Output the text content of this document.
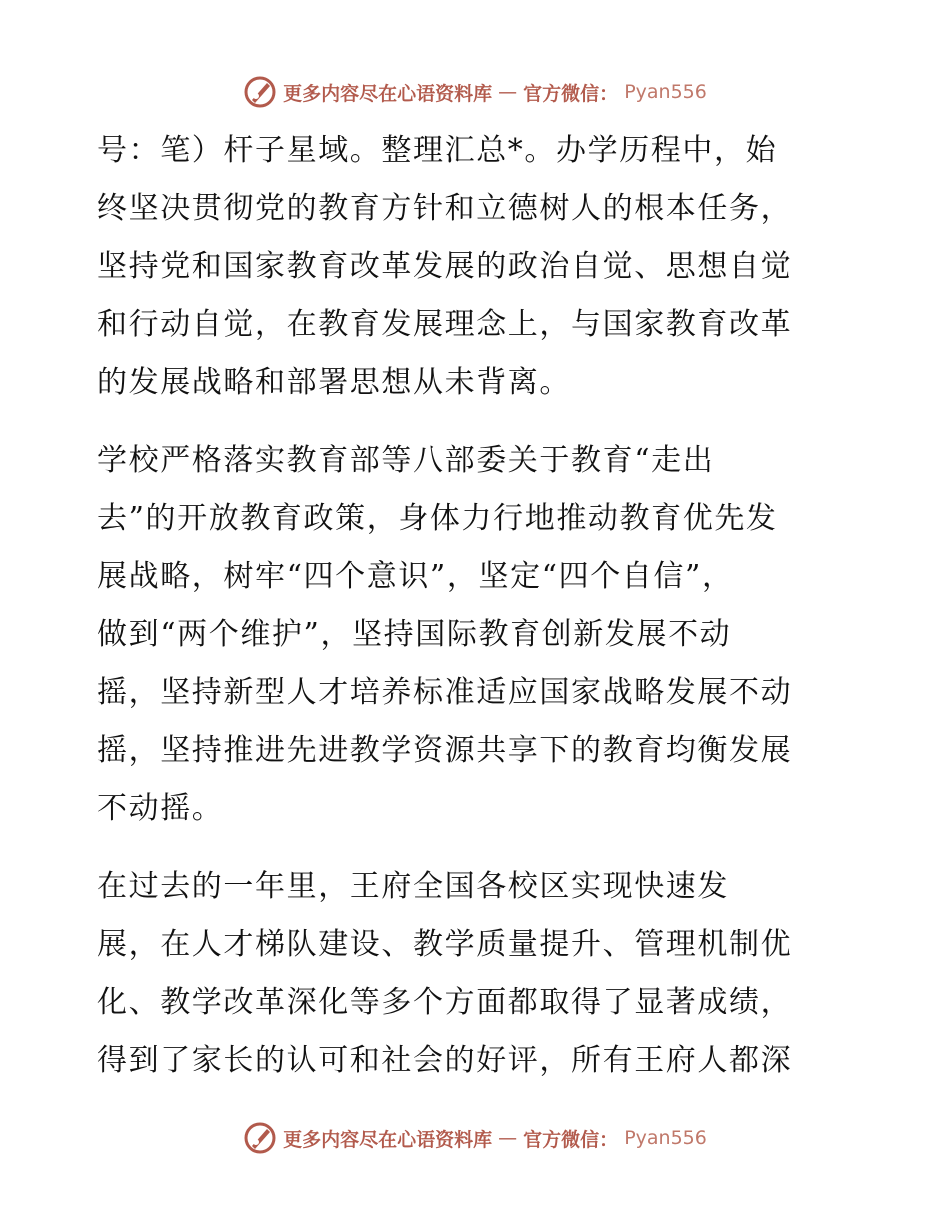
更多内容尽在心语资料库 — 官方微信： Pyan556

号：笔）杆子星域。整理汇总*。办学历程中，始
终坚决贯彻党的教育方针和立德树人的根本任务，
坚持党和国家教育改革发展的政治自觉、思想自觉
和行动自觉，在教育发展理念上，与国家教育改革
的发展战略和部署思想从未背离。

学校严格落实教育部等八部委关于教育“走出
去”的开放教育政策，身体力行地推动教育优先发
展战略，树牢“四个意识”，坚定“四个自信”，
做到“两个维护”，坚持国际教育创新发展不动
摇，坚持新型人才培养标准适应国家战略发展不动
摇，坚持推进先进教学资源共享下的教育均衡发展
不动摇。

在过去的一年里，王府全国各校区实现快速发
展，在人才梯队建设、教学质量提升、管理机制优
化、教学改革深化等多个方面都取得了显著成绩，
得到了家长的认可和社会的好评，所有王府人都深

更多内容尽在心语资料库 — 官方微信： Pyan556
